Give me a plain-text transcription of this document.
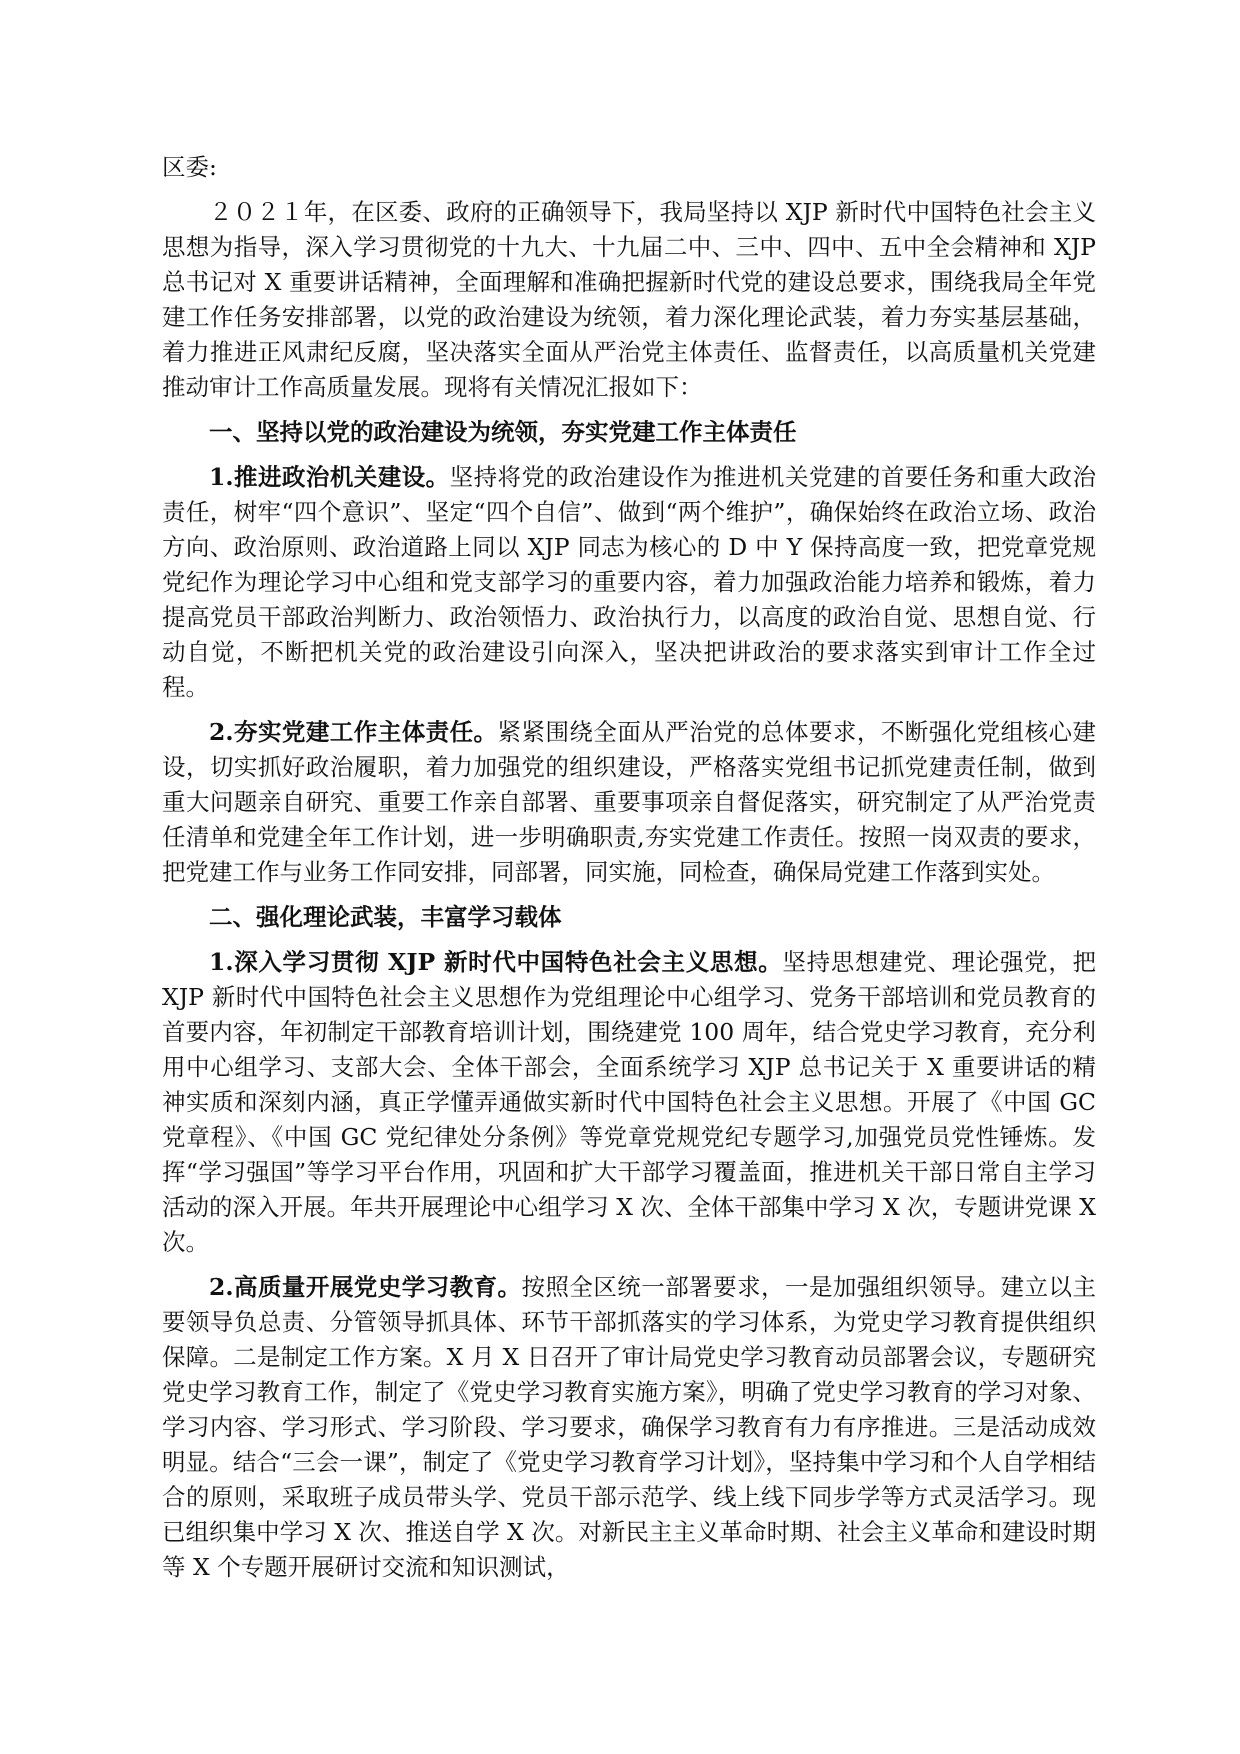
区委:

２０２１年，在区委、政府的正确领导下，我局坚持以 XJP 新时代中国特色社会主义思想为指导，深入学习贯彻党的十九大、十九届二中、三中、四中、五中全会精神和 XJP 总书记对 X 重要讲话精神，全面理解和准确把握新时代党的建设总要求，围绕我局全年党建工作任务安排部署，以党的政治建设为统领，着力深化理论武装，着力夯实基层基础，着力推进正风肃纪反腐，坚决落实全面从严治党主体责任、监督责任，以高质量机关党建推动审计工作高质量发展。现将有关情况汇报如下：

一、坚持以党的政治建设为统领，夯实党建工作主体责任

1.推进政治机关建设。坚持将党的政治建设作为推进机关党建的首要任务和重大政治责任，树牢“四个意识”、坚定“四个自信”、做到“两个维护”，确保始终在政治立场、政治方向、政治原则、政治道路上同以 XJP 同志为核心的 D 中 Y 保持高度一致，把党章党规党纪作为理论学习中心组和党支部学习的重要内容，着力加强政治能力培养和锻炼，着力提高党员干部政治判断力、政治领悟力、政治执行力，以高度的政治自觉、思想自觉、行动自觉，不断把机关党的政治建设引向深入，坚决把讲政治的要求落实到审计工作全过程。

2.夯实党建工作主体责任。紧紧围绕全面从严治党的总体要求，不断强化党组核心建设，切实抓好政治履职，着力加强党的组织建设，严格落实党组书记抓党建责任制，做到重大问题亲自研究、重要工作亲自部署、重要事项亲自督促落实，研究制定了从严治党责任清单和党建全年工作计划，进一步明确职责,夯实党建工作责任。按照一岗双责的要求，把党建工作与业务工作同安排，同部署，同实施，同检查，确保局党建工作落到实处。

二、强化理论武装，丰富学习载体

1.深入学习贯彻 XJP 新时代中国特色社会主义思想。坚持思想建党、理论强党，把 XJP 新时代中国特色社会主义思想作为党组理论中心组学习、党务干部培训和党员教育的首要内容，年初制定干部教育培训计划，围绕建党 100 周年，结合党史学习教育，充分利用中心组学习、支部大会、全体干部会，全面系统学习 XJP 总书记关于 X 重要讲话的精神实质和深刻内涵，真正学懂弄通做实新时代中国特色社会主义思想。开展了《中国 GC 党章程》、《中国 GC 党纪律处分条例》等党章党规党纪专题学习,加强党员党性锤炼。发挥“学习强国”等学习平台作用，巩固和扩大干部学习覆盖面，推进机关干部日常自主学习活动的深入开展。年共开展理论中心组学习 X 次、全体干部集中学习 X 次，专题讲党课 X 次。

2.高质量开展党史学习教育。按照全区统一部署要求，一是加强组织领导。建立以主要领导负总责、分管领导抓具体、环节干部抓落实的学习体系，为党史学习教育提供组织保障。二是制定工作方案。X 月 X 日召开了审计局党史学习教育动员部署会议，专题研究党史学习教育工作，制定了《党史学习教育实施方案》，明确了党史学习教育的学习对象、学习内容、学习形式、学习阶段、学习要求，确保学习教育有力有序推进。三是活动成效明显。结合“三会一课”，制定了《党史学习教育学习计划》，坚持集中学习和个人自学相结合的原则，采取班子成员带头学、党员干部示范学、线上线下同步学等方式灵活学习。现已组织集中学习 X 次、推送自学 X 次。对新民主主义革命时期、社会主义革命和建设时期等 X 个专题开展研讨交流和知识测试，
